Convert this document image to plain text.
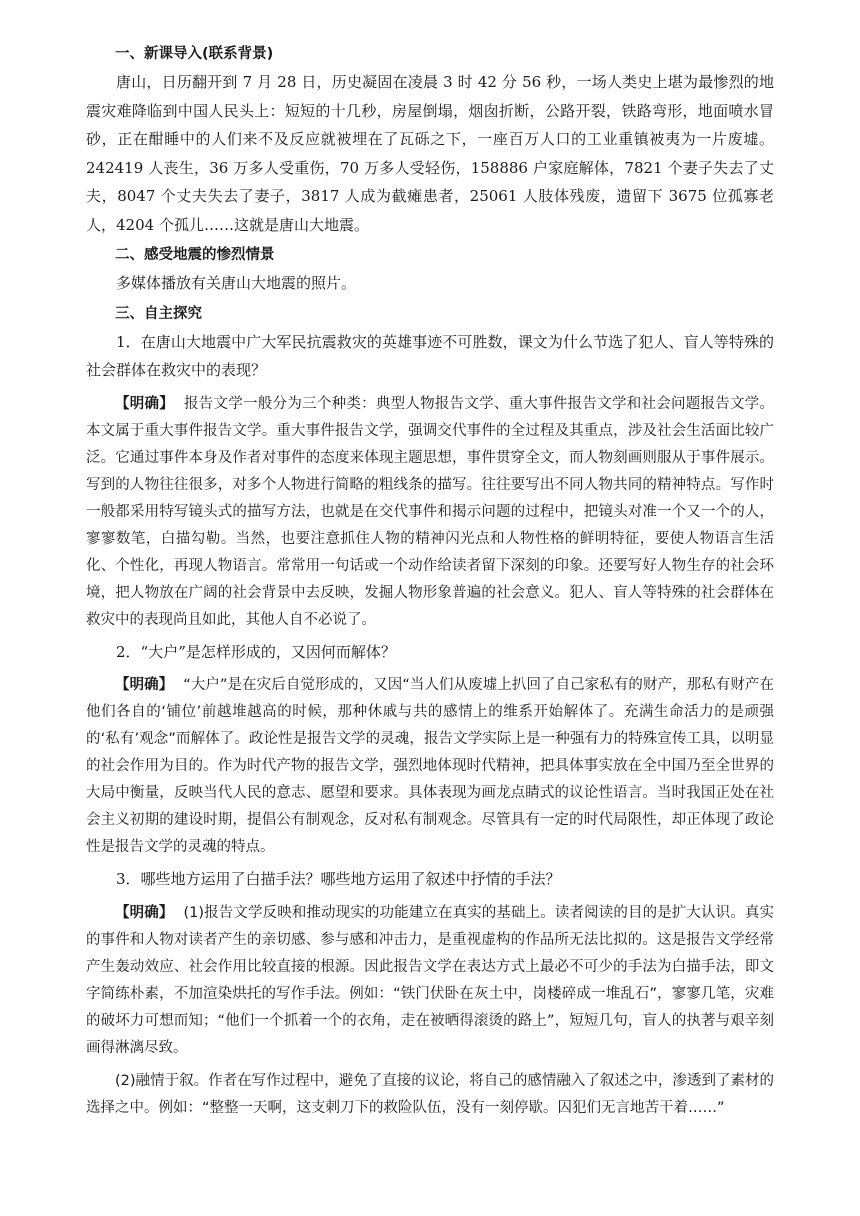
一、新课导入(联系背景)

唐山，日历翻开到 7 月 28 日，历史凝固在凌晨 3 时 42 分 56 秒，一场人类史上堪为最惨烈的地震灾难降临到中国人民头上：短短的十几秒，房屋倒塌，烟囱折断，公路开裂，铁路弯形，地面喷水冒砂，正在酣睡中的人们来不及反应就被埋在了瓦砾之下，一座百万人口的工业重镇被夷为一片废墟。242419 人丧生，36 万多人受重伤，70 万多人受轻伤，158886 户家庭解体，7821 个妻子失去了丈夫，8047 个丈夫失去了妻子，3817 人成为截瘫患者，25061 人肢体残废，遗留下 3675 位孤寡老人，4204 个孤儿……这就是唐山大地震。

二、感受地震的惨烈情景

多媒体播放有关唐山大地震的照片。

三、自主探究

1．在唐山大地震中广大军民抗震救灾的英雄事迹不可胜数，课文为什么节选了犯人、盲人等特殊的社会群体在救灾中的表现？

【明确】 报告文学一般分为三个种类：典型人物报告文学、重大事件报告文学和社会问题报告文学。本文属于重大事件报告文学。重大事件报告文学，强调交代事件的全过程及其重点，涉及社会生活面比较广泛。它通过事件本身及作者对事件的态度来体现主题思想，事件贯穿全文，而人物刻画则服从于事件展示。写到的人物往往很多，对多个人物进行简略的粗线条的描写。往往要写出不同人物共同的精神特点。写作时一般都采用特写镜头式的描写方法，也就是在交代事件和揭示问题的过程中，把镜头对准一个又一个的人，寥寥数笔，白描勾勒。当然，也要注意抓住人物的精神闪光点和人物性格的鲜明特征，要使人物语言生活化、个性化，再现人物语言。常常用一句话或一个动作给读者留下深刻的印象。还要写好人物生存的社会环境，把人物放在广阔的社会背景中去反映，发掘人物形象普遍的社会意义。犯人、盲人等特殊的社会群体在救灾中的表现尚且如此，其他人自不必说了。

2．“大户”是怎样形成的，又因何而解体？

【明确】 “大户”是在灾后自觉形成的，又因“当人们从废墟上扒回了自己家私有的财产，那私有财产在他们各自的‘铺位’前越堆越高的时候，那种休戚与共的感情上的维系开始解体了。充满生命活力的是顽强的‘私有’观念”而解体了。政论性是报告文学的灵魂，报告文学实际上是一种强有力的特殊宣传工具，以明显的社会作用为目的。作为时代产物的报告文学，强烈地体现时代精神，把具体事实放在全中国乃至全世界的大局中衡量，反映当代人民的意志、愿望和要求。具体表现为画龙点睛式的议论性语言。当时我国正处在社会主义初期的建设时期，提倡公有制观念，反对私有制观念。尽管具有一定的时代局限性，却正体现了政论性是报告文学的灵魂的特点。

3．哪些地方运用了白描手法？哪些地方运用了叙述中抒情的手法？

【明确】 (1)报告文学反映和推动现实的功能建立在真实的基础上。读者阅读的目的是扩大认识。真实的事件和人物对读者产生的亲切感、参与感和冲击力，是重视虚构的作品所无法比拟的。这是报告文学经常产生轰动效应、社会作用比较直接的根源。因此报告文学在表达方式上最必不可少的手法为白描手法，即文字简练朴素，不加渲染烘托的写作手法。例如：“铁门伏卧在灰土中，岗楼碎成一堆乱石”，寥寥几笔，灾难的破坏力可想而知；“他们一个抓着一个的衣角，走在被晒得滚烫的路上”，短短几句，盲人的执著与艰辛刻画得淋漓尽致。

(2)融情于叙。作者在写作过程中，避免了直接的议论，将自己的感情融入了叙述之中，渗透到了素材的选择之中。例如：“整整一天啊，这支剌刀下的救险队伍，没有一刻停歇。囚犯们无言地苦干着……”
